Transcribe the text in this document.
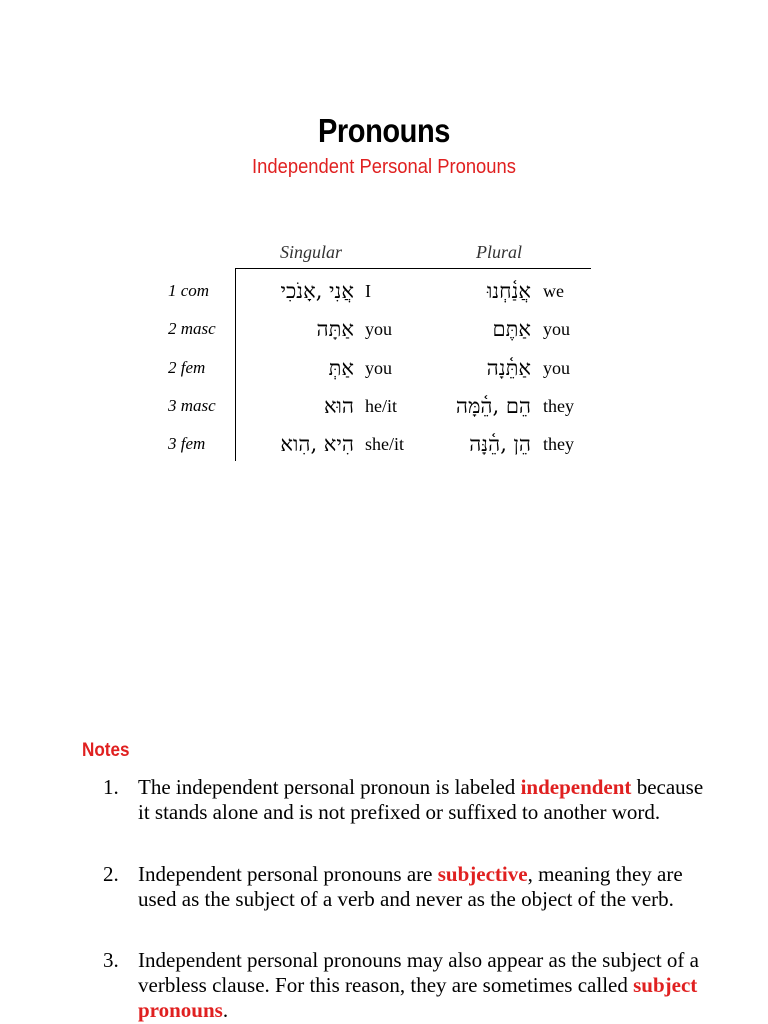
Pronouns
Independent Personal Pronouns
Singular	Plural
1 com	אֲנִי ,אָנֹכִי I	אֲנַ֫חְנוּ we
2 masc	אַתָּה you	אַתֶּם you
2 fem	אַתְּ you	אַתֵּ֫נָה you
3 masc	הוּא he/it	הֵם ,הֵ֫מָּה they
3 fem	הִיא ,הִוא she/it	הֵן ,הֵ֫נָּה they
Notes
1. The independent personal pronoun is labeled independent because it stands alone and is not prefixed or suffixed to another word.
2. Independent personal pronouns are subjective, meaning they are used as the subject of a verb and never as the object of the verb.
3. Independent personal pronouns may also appear as the subject of a verbless clause. For this reason, they are sometimes called subject pronouns.
